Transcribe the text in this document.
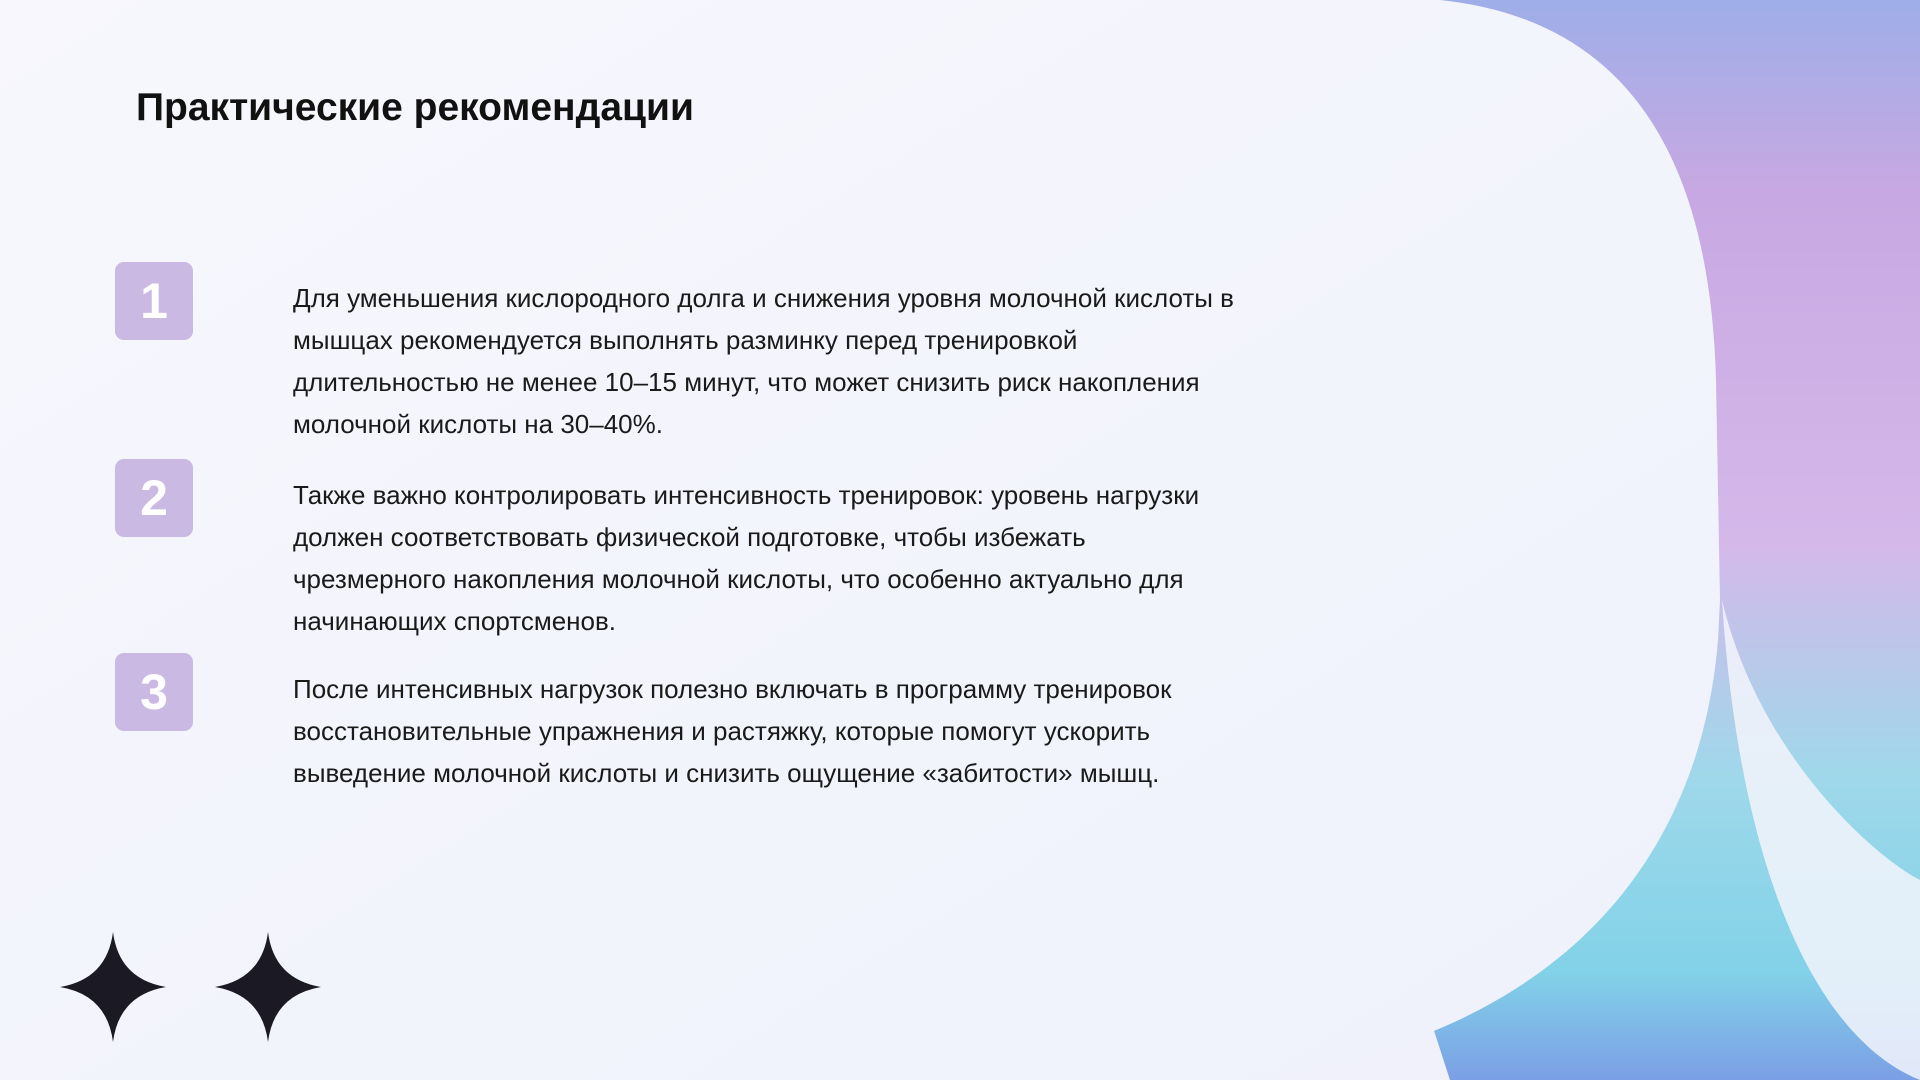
Практические рекомендации
1	Для уменьшения кислородного долга и снижения уровня молочной кислоты в мышцах рекомендуется выполнять разминку перед тренировкой длительностью не менее 10–15 минут, что может снизить риск накопления молочной кислоты на 30–40%.

2	Также важно контролировать интенсивность тренировок: уровень нагрузки должен соответствовать физической подготовке, чтобы избежать чрезмерного накопления молочной кислоты, что особенно актуально для начинающих спортсменов.

3	После интенсивных нагрузок полезно включать в программу тренировок восстановительные упражнения и растяжку, которые помогут ускорить выведение молочной кислоты и снизить ощущение «забитости» мышц.
